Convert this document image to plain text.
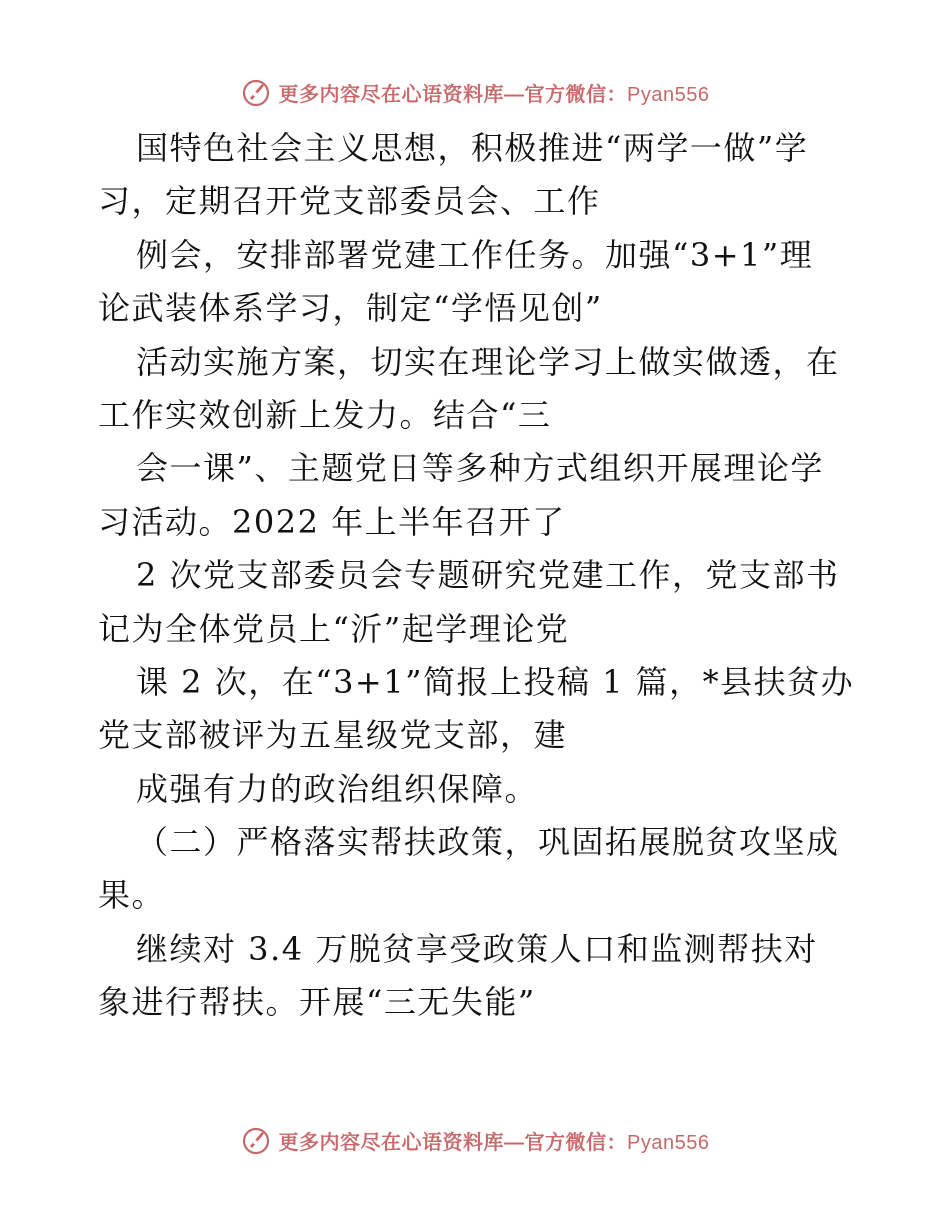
更多内容尽在心语资料库—官方微信：Pyan556
国特色社会主义思想，积极推进“两学一做”学
习，定期召开党支部委员会、工作
例会，安排部署党建工作任务。加强“3+1”理
论武装体系学习，制定“学悟见创”
活动实施方案，切实在理论学习上做实做透，在
工作实效创新上发力。结合“三
会一课”、主题党日等多种方式组织开展理论学
习活动。2022 年上半年召开了
2 次党支部委员会专题研究党建工作，党支部书
记为全体党员上“沂”起学理论党
课 2 次，在“3+1”简报上投稿 1 篇，*县扶贫办
党支部被评为五星级党支部，建
成强有力的政治组织保障。
（二）严格落实帮扶政策，巩固拓展脱贫攻坚成
果。
继续对 3.4 万脱贫享受政策人口和监测帮扶对
象进行帮扶。开展“三无失能”
更多内容尽在心语资料库—官方微信：Pyan556
